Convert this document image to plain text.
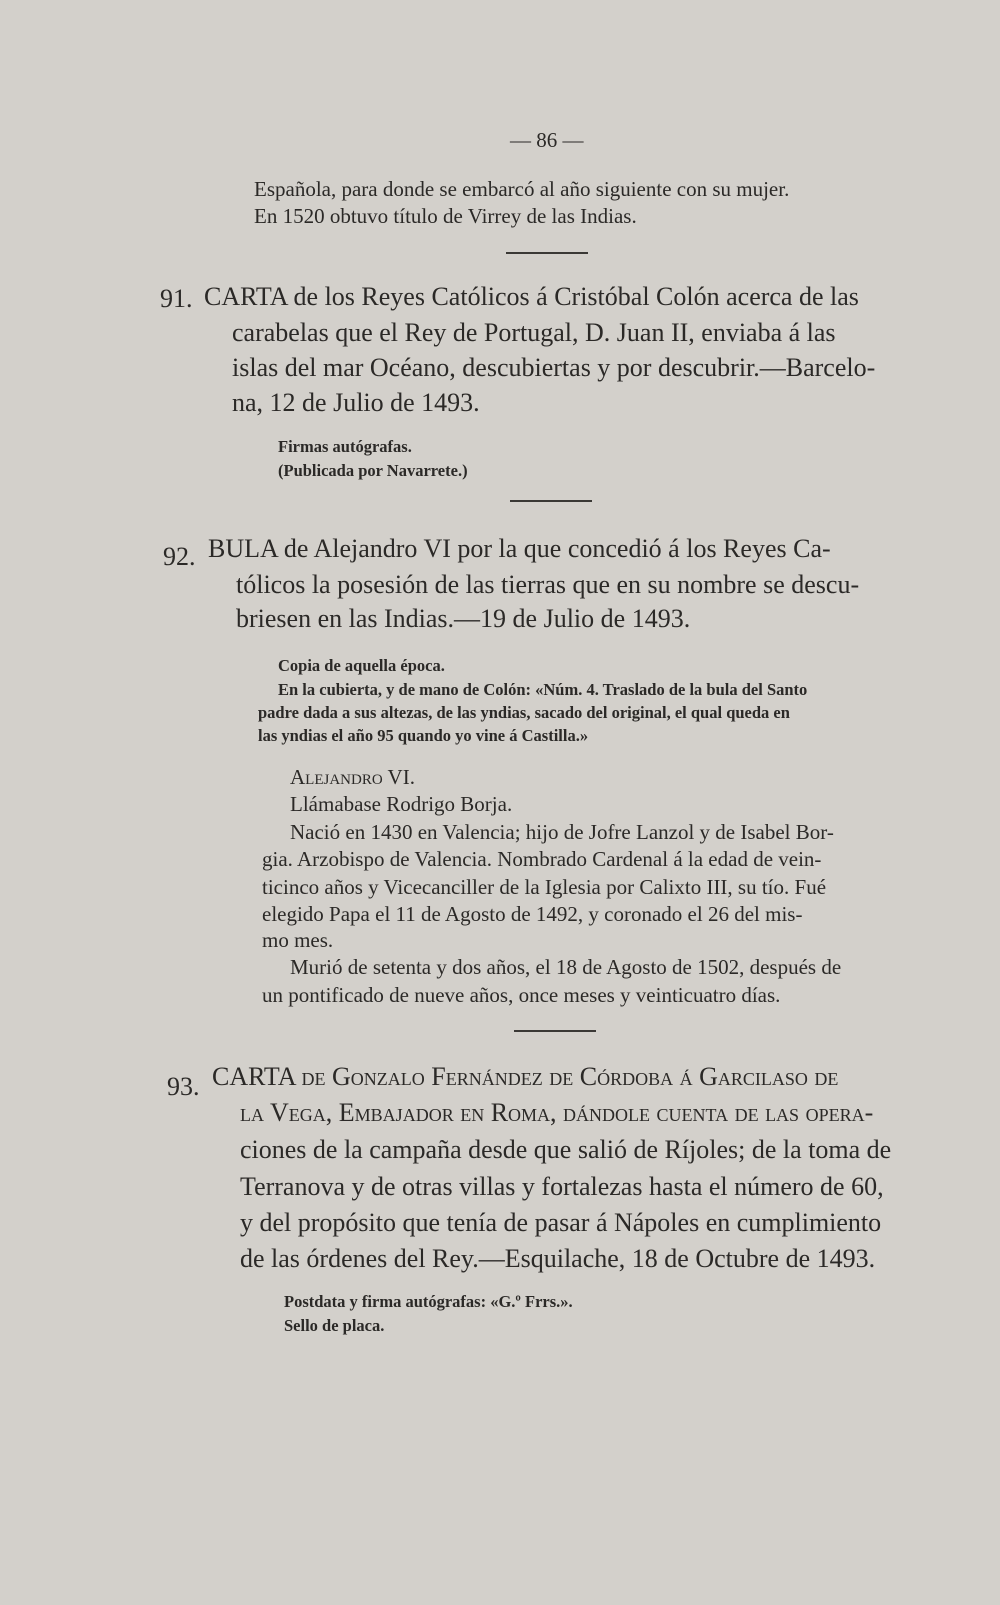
— 86 —
Española, para donde se embarcó al año siguiente con su mujer.
En 1520 obtuvo título de Virrey de las Indias.
91. CARTA de los Reyes Católicos á Cristóbal Colón acerca de las
carabelas que el Rey de Portugal, D. Juan II, enviaba á las
islas del mar Océano, descubiertas y por descubrir.—Barcelo-
na, 12 de Julio de 1493.
Firmas autógrafas.
(Publicada por Navarrete.)
92. BULA de Alejandro VI por la que concedió á los Reyes Ca-
tólicos la posesión de las tierras que en su nombre se descu-
briesen en las Indias.—19 de Julio de 1493.
Copia de aquella época.
En la cubierta, y de mano de Colón: «Núm. 4. Traslado de la bula del Santo
padre dada a sus altezas, de las yndias, sacado del original, el qual queda en
las yndias el año 95 quando yo vine á Castilla.»
Alejandro VI.
Llámabase Rodrigo Borja.
Nació en 1430 en Valencia; hijo de Jofre Lanzol y de Isabel Bor-
gia. Arzobispo de Valencia. Nombrado Cardenal á la edad de vein-
ticinco años y Vicecanciller de la Iglesia por Calixto III, su tío. Fué
elegido Papa el 11 de Agosto de 1492, y coronado el 26 del mis-
mo mes.
Murió de setenta y dos años, el 18 de Agosto de 1502, después de
un pontificado de nueve años, once meses y veinticuatro días.
93. CARTA de Gonzalo Fernández de Córdoba á Garcilaso de
la Vega, Embajador en Roma, dándole cuenta de las opera-
ciones de la campaña desde que salió de Ríjoles; de la toma de
Terranova y de otras villas y fortalezas hasta el número de 60,
y del propósito que tenía de pasar á Nápoles en cumplimiento
de las órdenes del Rey.—Esquilache, 18 de Octubre de 1493.
Postdata y firma autógrafas: «G.º Frrs.».
Sello de placa.
